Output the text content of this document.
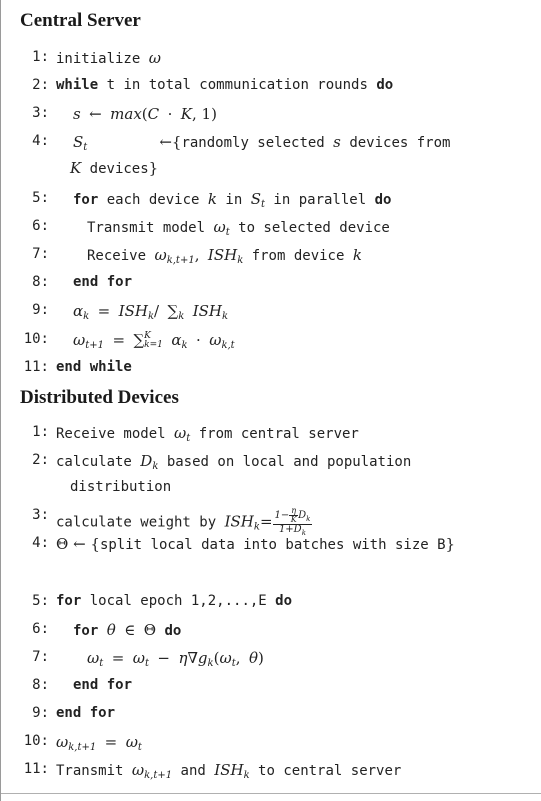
Central Server
1: initialize ω
2: while t in total communication rounds do
3:	s ← max(C · K, 1)
4:	$S_t$	←{randomly selected s devices from
K devices}
5:	for each device k in $S_t$ in parallel do
6:	Transmit model $\omega_t$ to selected device
7:	Receive $\omega_{k,t+1}$, $ISH_k$ from device k
8:	end for
9:	$\alpha_k = ISH_k/$ $\sum_k$ $ISH_k$
10:	$\omega_{t+1}$ = ∑ K
k=1 $\alpha_k \cdot \omega_{k,t}$
11: end while
Distributed Devices
1: Receive model $\omega_t$ from central server
2: calculate $D_k$ based on local and population
distribution
3: calculate weight by $ISH_k= \frac{1- \frac{\eta}{K}D_k}{1+D_k}$
4: Θ ← {split local data into batches with size B}
5: for local epoch 1,2,...,E do
6:	for θ ∈ Θ do
7:	$\omega_t = \omega_t - \eta\nabla g_k(\omega_t$, θ)
8:	end for
9: end for
10: $\omega_{k,t+1} = \omega_t$
11: Transmit $\omega_{k,t+1}$ and $ISH_k$ to central server
